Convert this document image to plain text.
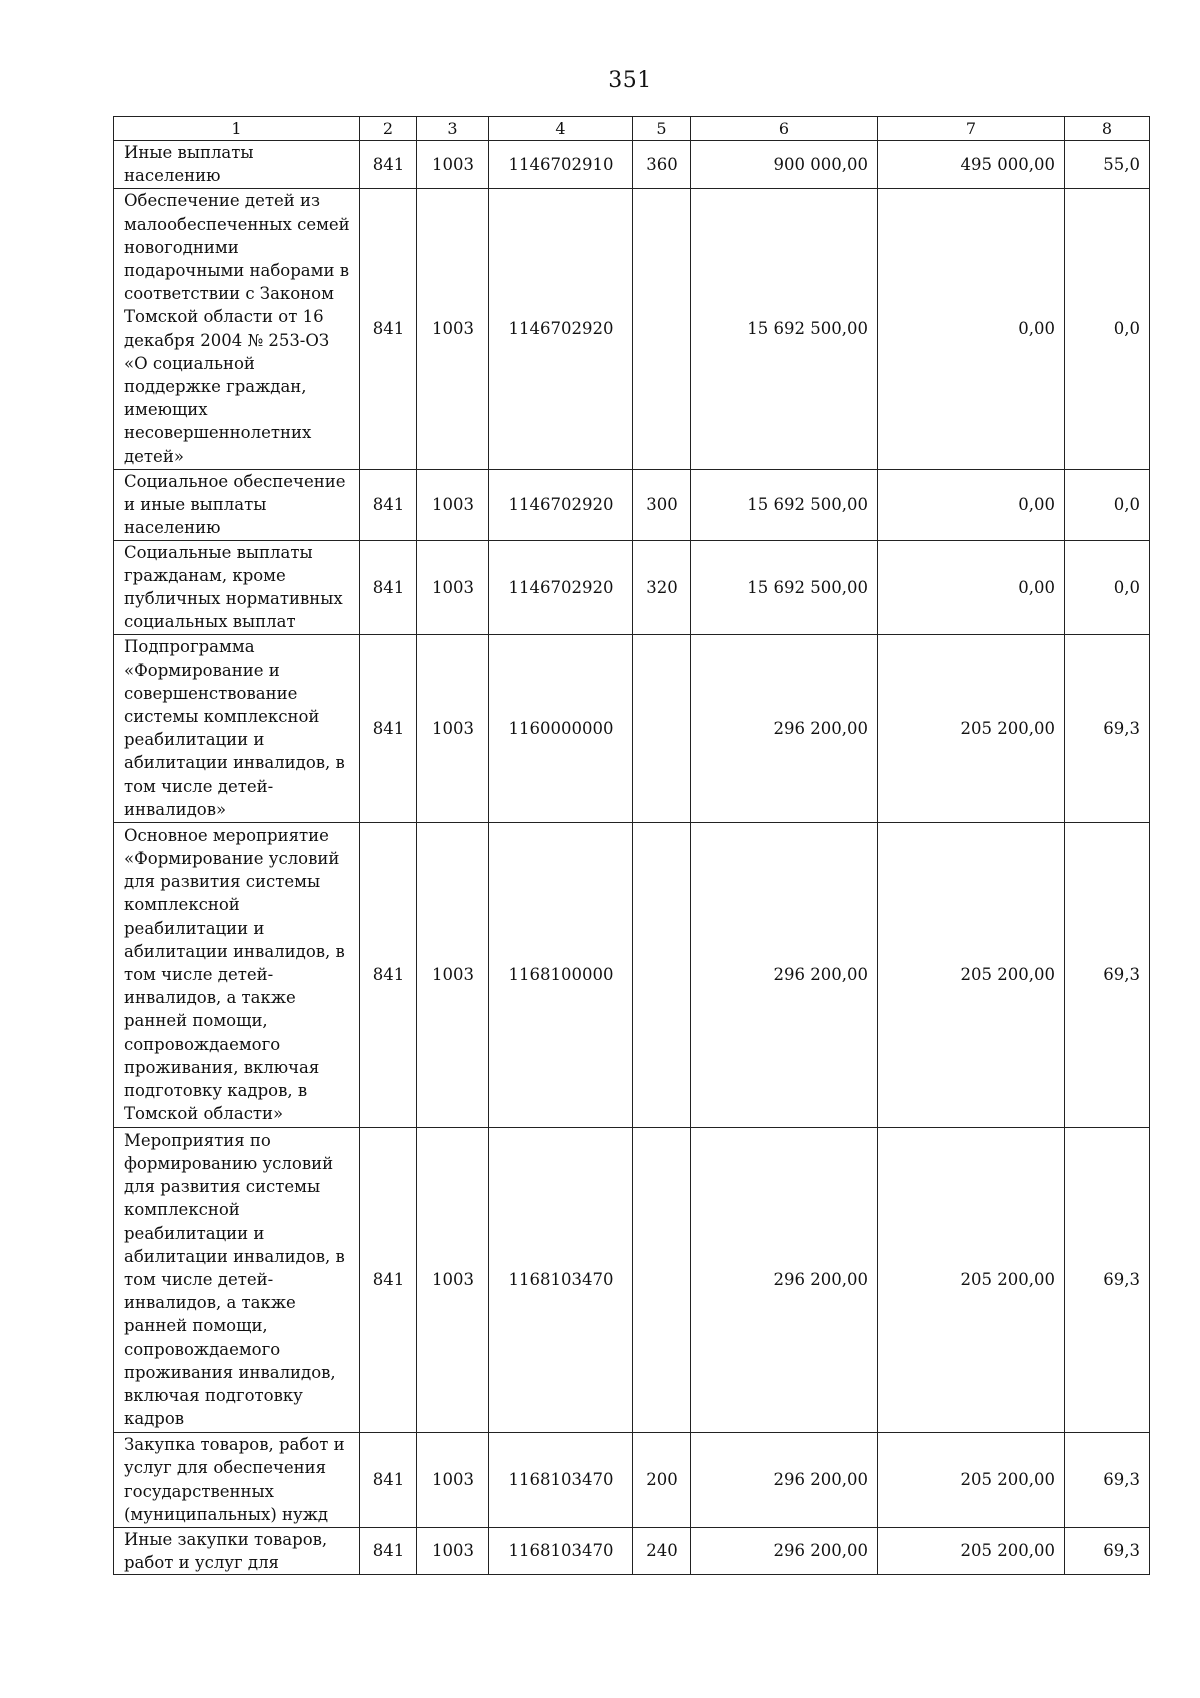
351
1	2	3	4	5	6	7	8
Иные выплаты населению	841	1003	1146702910	360	900 000,00	495 000,00	55,0
Обеспечение детей из малообеспеченных семей новогодними подарочными наборами в соответствии с Законом Томской области от 16 декабря 2004 № 253-ОЗ «О социальной поддержке граждан, имеющих несовершеннолетних детей»	841	1003	1146702920		15 692 500,00	0,00	0,0
Социальное обеспечение и иные выплаты населению	841	1003	1146702920	300	15 692 500,00	0,00	0,0
Социальные выплаты гражданам, кроме публичных нормативных социальных выплат	841	1003	1146702920	320	15 692 500,00	0,00	0,0
Подпрограмма «Формирование и совершенствование системы комплексной реабилитации и абилитации инвалидов, в том числе детей-инвалидов»	841	1003	1160000000		296 200,00	205 200,00	69,3
Основное мероприятие «Формирование условий для развития системы комплексной реабилитации и абилитации инвалидов, в том числе детей-инвалидов, а также ранней помощи, сопровождаемого проживания, включая подготовку кадров, в Томской области»	841	1003	1168100000		296 200,00	205 200,00	69,3
Мероприятия по формированию условий для развития системы комплексной реабилитации и абилитации инвалидов, в том числе детей-инвалидов, а также ранней помощи, сопровождаемого проживания инвалидов, включая подготовку кадров	841	1003	1168103470		296 200,00	205 200,00	69,3
Закупка товаров, работ и услуг для обеспечения государственных (муниципальных) нужд	841	1003	1168103470	200	296 200,00	205 200,00	69,3
Иные закупки товаров, работ и услуг для	841	1003	1168103470	240	296 200,00	205 200,00	69,3
